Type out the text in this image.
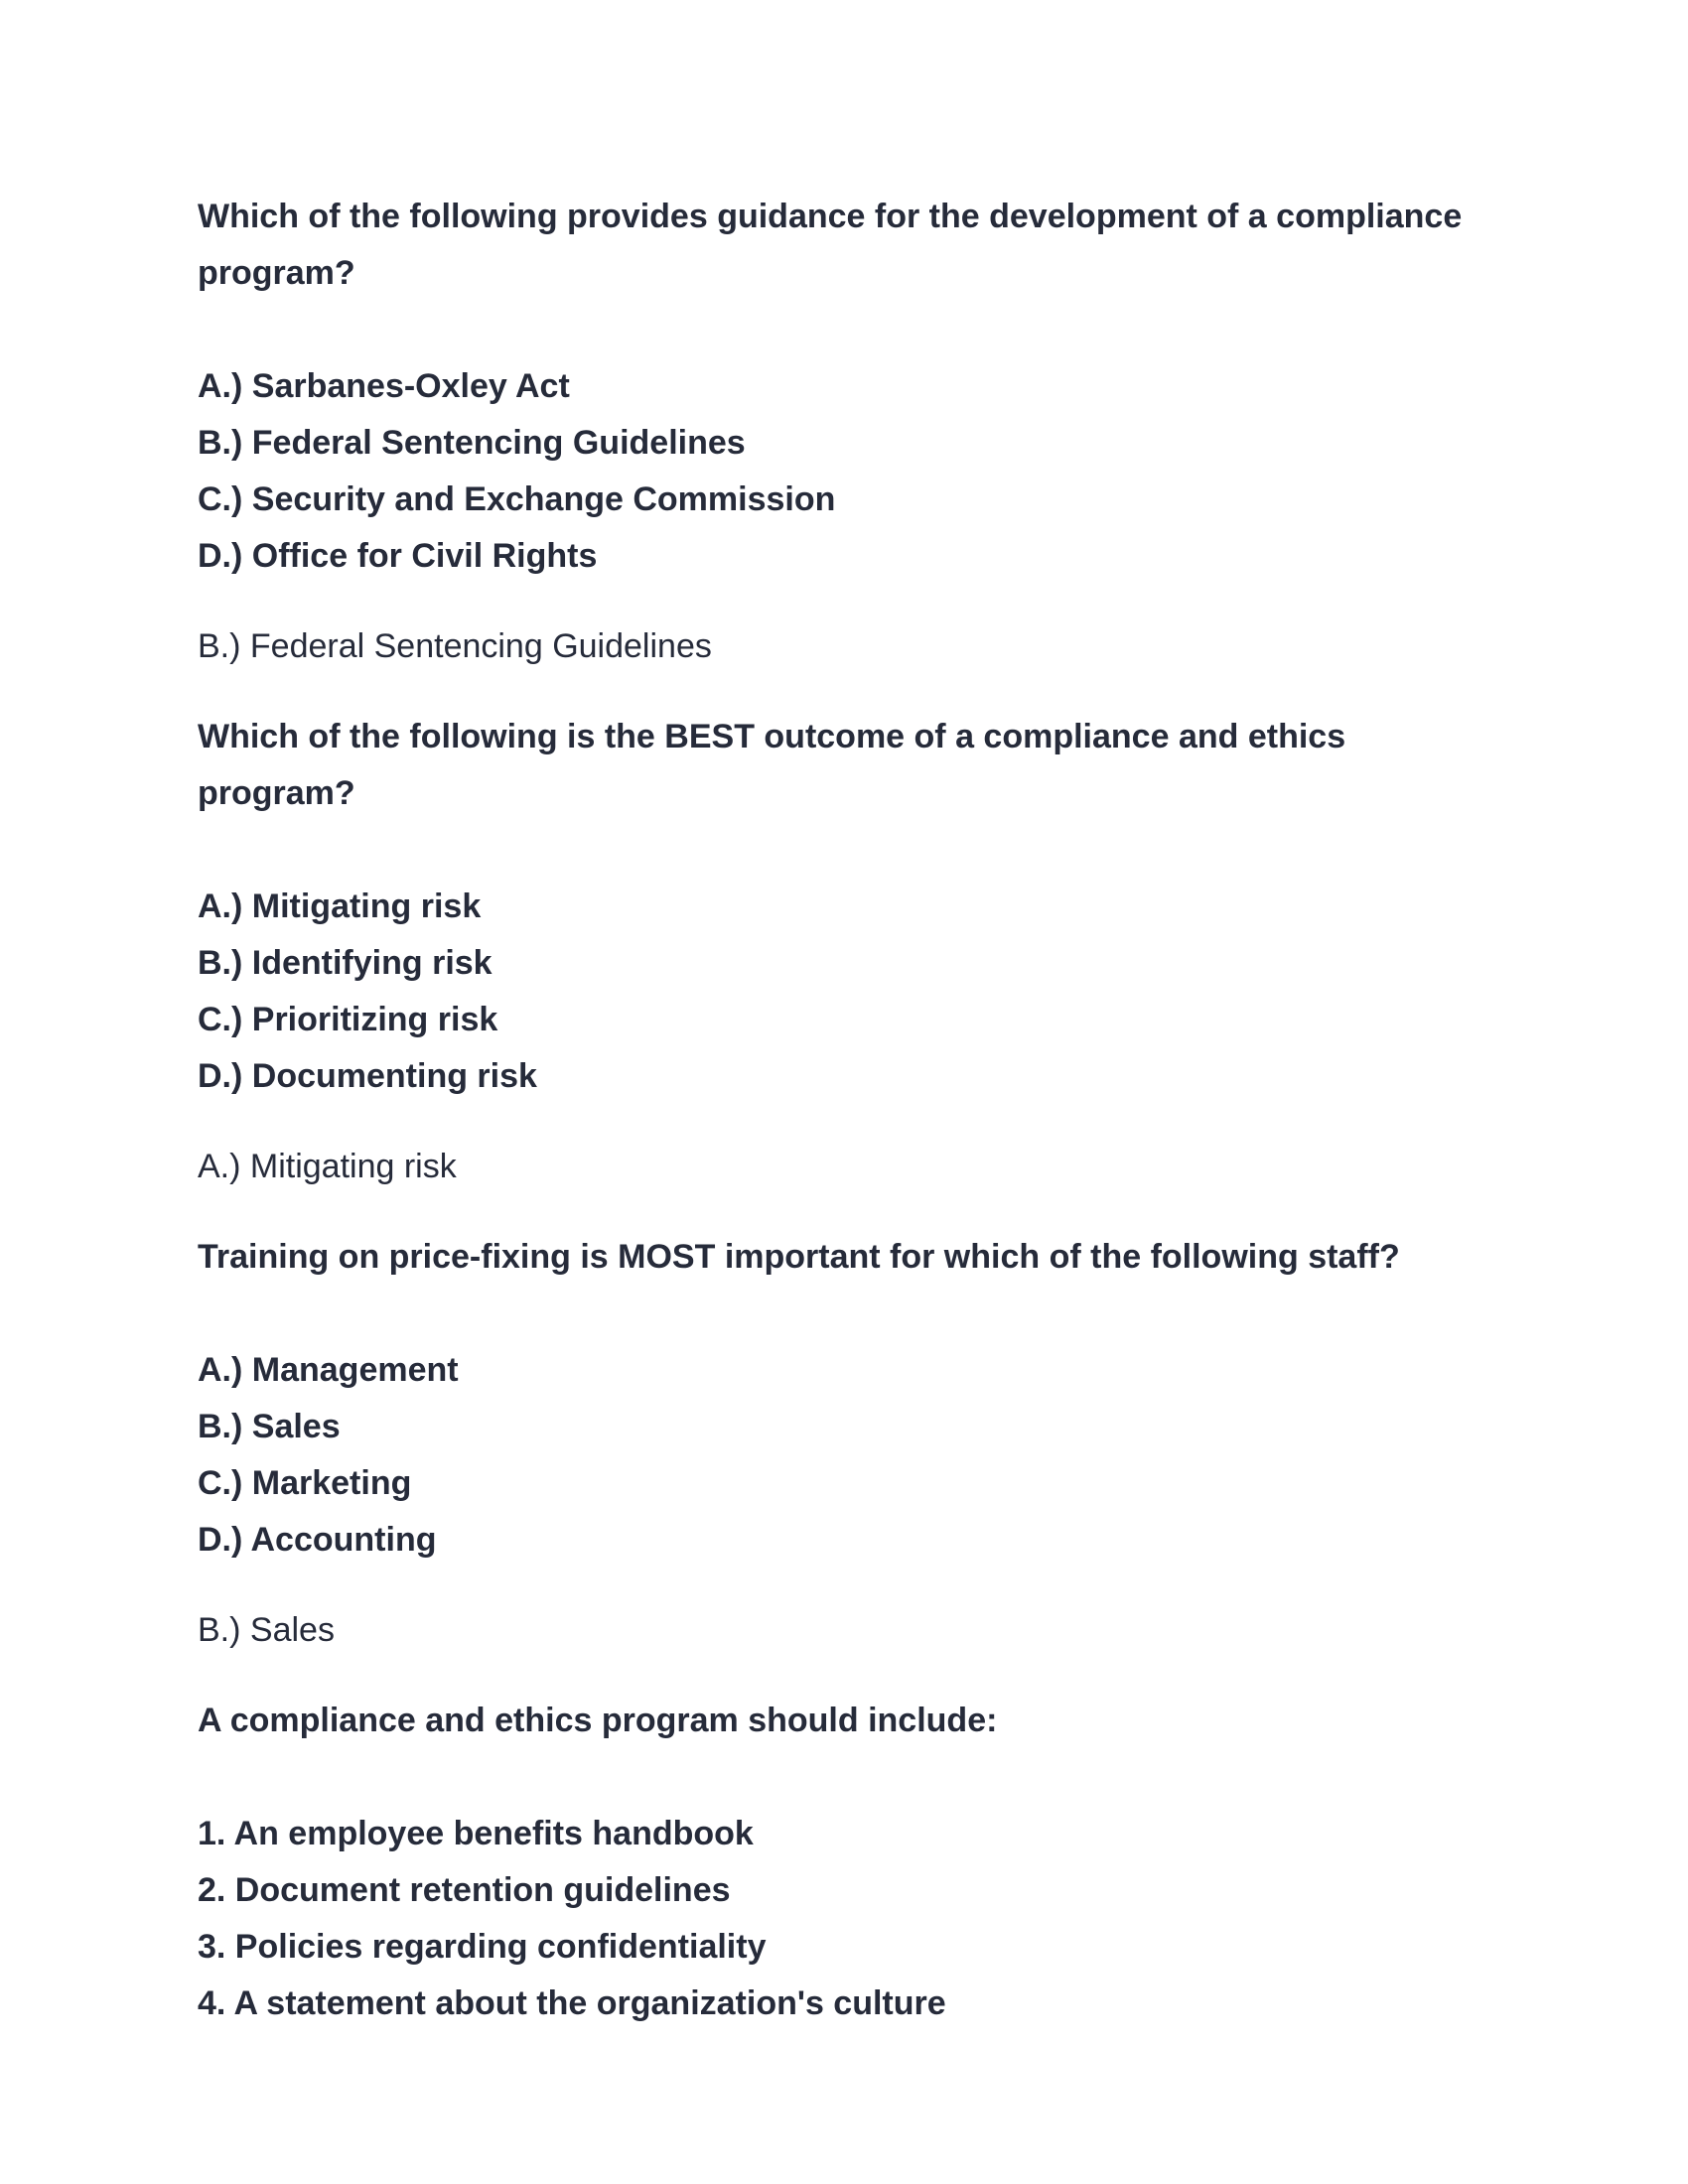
Which of the following provides guidance for the development of a compliance program?

A.) Sarbanes-Oxley Act
B.) Federal Sentencing Guidelines
C.) Security and Exchange Commission
D.) Office for Civil Rights

B.) Federal Sentencing Guidelines

Which of the following is the BEST outcome of a compliance and ethics program?

A.) Mitigating risk
B.) Identifying risk
C.) Prioritizing risk
D.) Documenting risk

A.) Mitigating risk

Training on price-fixing is MOST important for which of the following staff?

A.) Management
B.) Sales
C.) Marketing
D.) Accounting

B.) Sales

A compliance and ethics program should include:

1. An employee benefits handbook
2. Document retention guidelines
3. Policies regarding confidentiality
4. A statement about the organization's culture
